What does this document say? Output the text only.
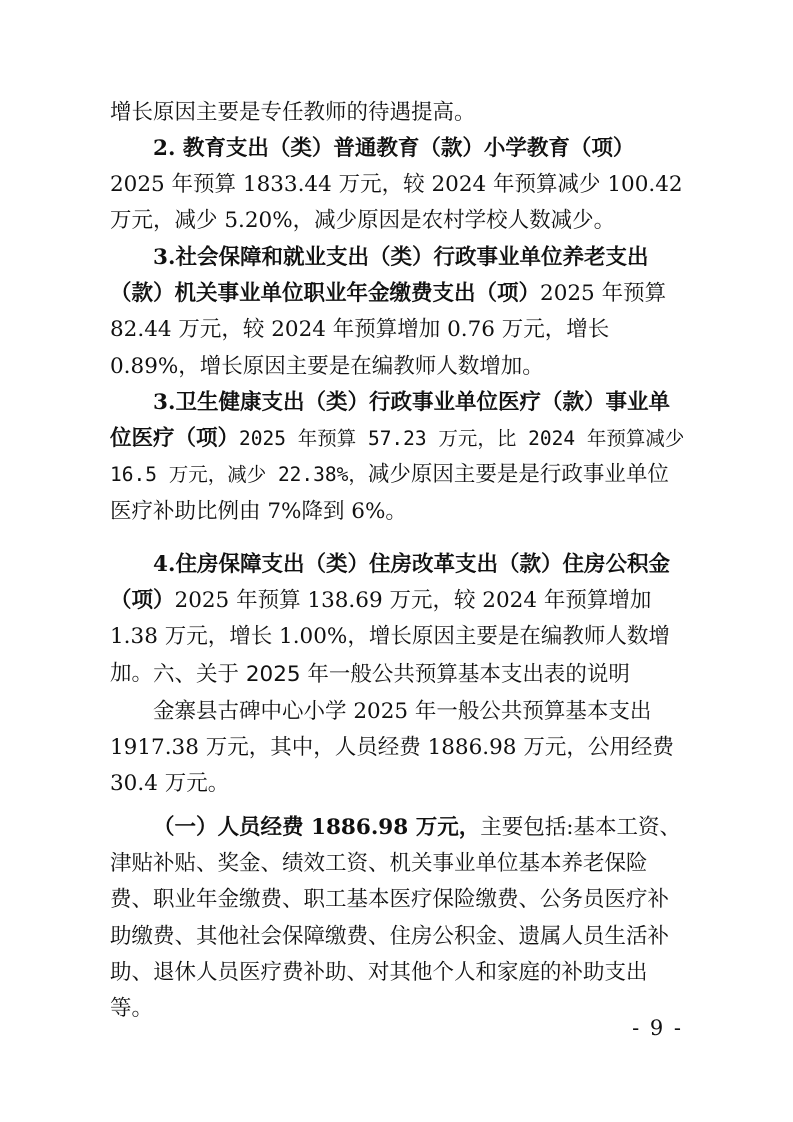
增长原因主要是专任教师的待遇提高。

2. 教育支出（类）普通教育（款）小学教育（项）2025 年预算 1833.44 万元，较 2024 年预算减少 100.42 万元，减少 5.20%，减少原因是农村学校人数减少。

3.社会保障和就业支出（类）行政事业单位养老支出（款）机关事业单位职业年金缴费支出（项）2025 年预算 82.44 万元，较 2024 年预算增加 0.76 万元，增长 0.89%，增长原因主要是在编教师人数增加。

3.卫生健康支出（类）行政事业单位医疗（款）事业单位医疗（项）2025 年预算 57.23 万元，比 2024 年预算减少 16.5 万元，减少 22.38%，减少原因主要是是行政事业单位医疗补助比例由 7%降到 6%。

4.住房保障支出（类）住房改革支出（款）住房公积金（项）2025 年预算 138.69 万元，较 2024 年预算增加 1.38 万元，增长 1.00%，增长原因主要是在编教师人数增加。 六、关于 2025 年一般公共预算基本支出表的说明

金寨县古碑中心小学 2025 年一般公共预算基本支出 1917.38 万元，其中，人员经费 1886.98 万元，公用经费 30.4 万元。

（一）人员经费 1886.98 万元，主要包括:基本工资、津贴补贴、奖金、绩效工资、机关事业单位基本养老保险费、职业年金缴费、职工基本医疗保险缴费、公务员医疗补助缴费、其他社会保障缴费、住房公积金、遗属人员生活补助、退休人员医疗费补助、对其他个人和家庭的补助支出等。

- 9 -
